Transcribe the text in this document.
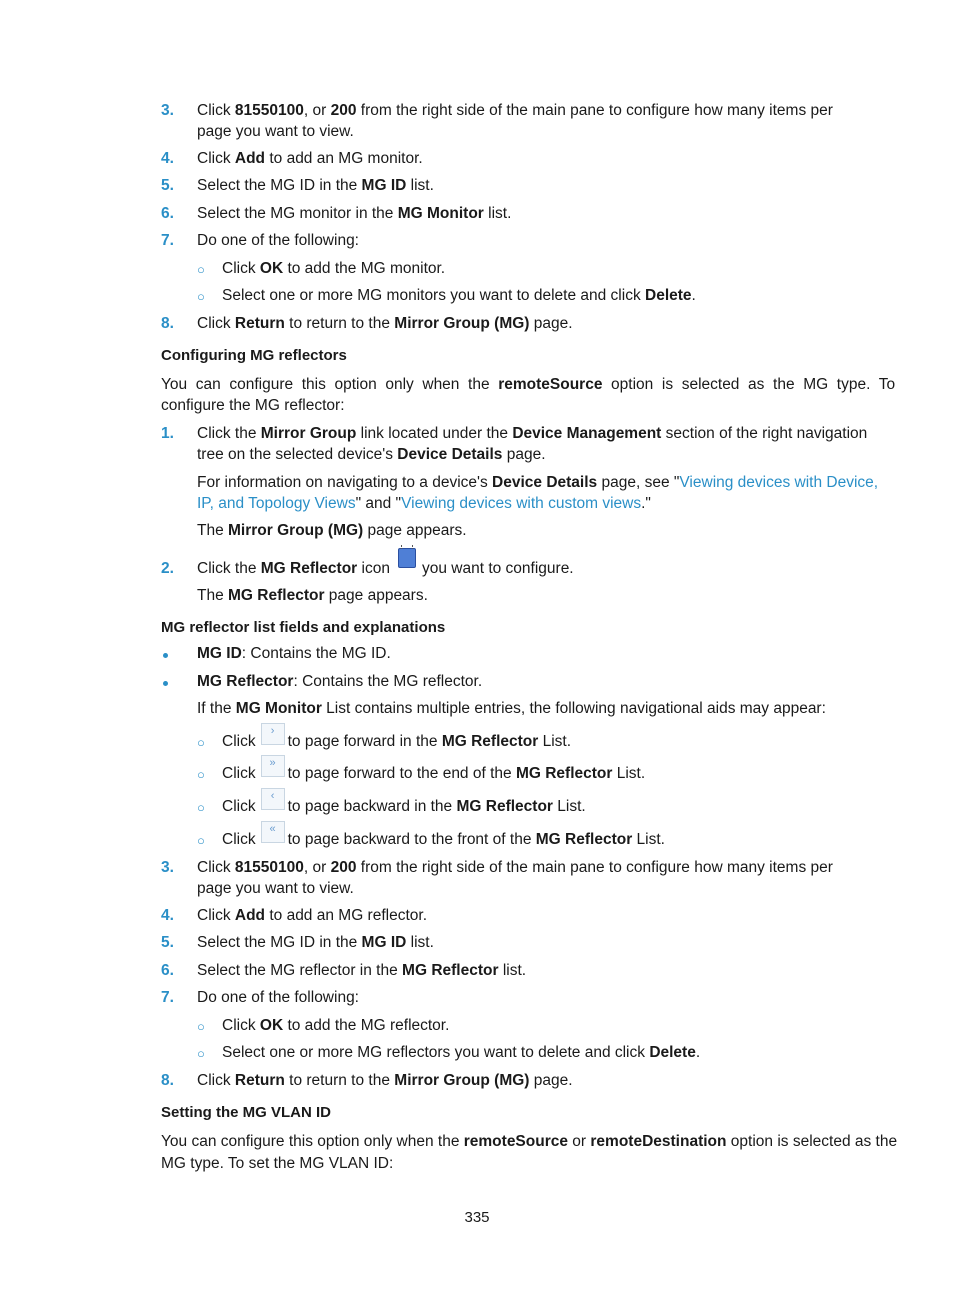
3. Click 81550100, or 200 from the right side of the main pane to configure how many items per
page you want to view.
4. Click Add to add an MG monitor.
5. Select the MG ID in the MG ID list.
6. Select the MG monitor in the MG Monitor list.
7. Do one of the following:
○ Click OK to add the MG monitor.
○ Select one or more MG monitors you want to delete and click Delete.
8. Click Return to return to the Mirror Group (MG) page.
Configuring MG reflectors
You  can  configure  this  option  only  when  the  remoteSource  option  is  selected  as  the  MG  type.  To
configure the MG reflector:
1. Click the Mirror Group link located under the Device Management section of the right navigation
tree on the selected device's Device Details page.
For information on navigating to a device's Device Details page, see "Viewing devices with Device,
IP, and Topology Views" and "Viewing devices with custom views."
The Mirror Group (MG) page appears.
2. Click the MG Reflector icon you want to configure.
The MG Reflector page appears.
MG reflector list fields and explanations
MG ID: Contains the MG ID.
MG Reflector: Contains the MG reflector.
If the MG Monitor List contains multiple entries, the following navigational aids may appear:
○ Click›to page forward in the MG Reflector List.
○ Click»to page forward to the end of the MG Reflector List.
○ Click‹to page backward in the MG Reflector List.
○ Click«to page backward to the front of the MG Reflector List.
3. Click 81550100, or 200 from the right side of the main pane to configure how many items per
page you want to view.
4. Click Add to add an MG reflector.
5. Select the MG ID in the MG ID list.
6. Select the MG reflector in the MG Reflector list.
7. Do one of the following:
○ Click OK to add the MG reflector.
○ Select one or more MG reflectors you want to delete and click Delete.
8. Click Return to return to the Mirror Group (MG) page.
Setting the MG VLAN ID
You can configure this option only when the remoteSource or remoteDestination option is selected as the
MG type. To set the MG VLAN ID:
335
